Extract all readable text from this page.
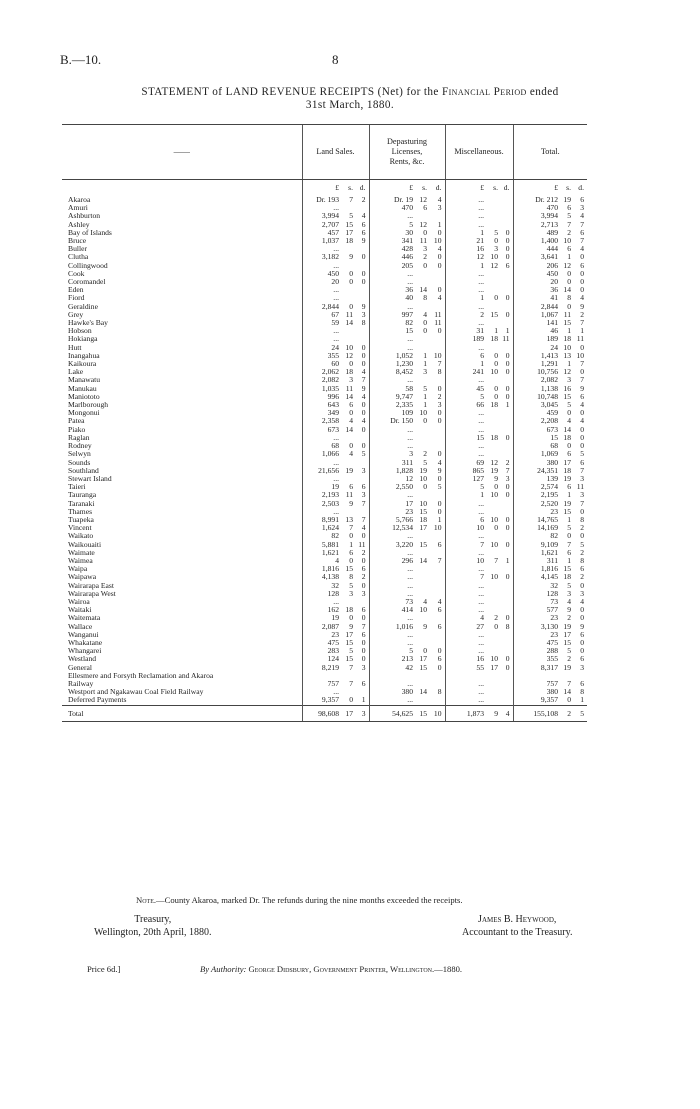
B.—10.	8
STATEMENT of LAND REVENUE RECEIPTS (Net) for the Financial Period ended
31st March, 1880.
——	Land Sales.			Depasturing
Licenses,
Rents, &c.			Miscellaneous.			Total.		
	£	s.	d.	£	s.	d.	£	s.	d.	£	s.	d.
Akaroa	Dr. 193	7	2	Dr. 19	12	4	...			Dr. 212	19	6
Amuri	...			470	6	3	...			470	6	3
Ashburton	3,994	5	4	...			...			3,994	5	4
Ashley	2,707	15	6	5	12	1	...			2,713	7	7
Bay of Islands	457	17	6	30	0	0	1	5	0	489	2	6
Bruce	1,037	18	9	341	11	10	21	0	0	1,400	10	7
Buller	...			428	3	4	16	3	0	444	6	4
Clutha	3,182	9	0	446	2	0	12	10	0	3,641	1	0
Collingwood	...			205	0	0	1	12	6	206	12	6
Cook	450	0	0	...			...			450	0	0
Coromandel	20	0	0	...			...			20	0	0
Eden	...			36	14	0	...			36	14	0
Fiord	...			40	8	4	1	0	0	41	8	4
Geraldine	2,844	0	9	...			...			2,844	0	9
Grey	67	11	3	997	4	11	2	15	0	1,067	11	2
Hawke's Bay	59	14	8	82	0	11	...			141	15	7
Hobson	...			15	0	0	31	1	1	46	1	1
Hokianga	...			...			189	18	11	189	18	11
Hutt	24	10	0	...			...			24	10	0
Inangahua	355	12	0	1,052	1	10	6	0	0	1,413	13	10
Kaikoura	60	0	0	1,230	1	7	1	0	0	1,291	1	7
Lake	2,062	18	4	8,452	3	8	241	10	0	10,756	12	0
Manawatu	2,082	3	7	...			...			2,082	3	7
Manukau	1,035	11	9	58	5	0	45	0	0	1,138	16	9
Maniototo	996	14	4	9,747	1	2	5	0	0	10,748	15	6
Marlborough	643	6	0	2,335	1	3	66	18	1	3,045	5	4
Mongonui	349	0	0	109	10	0	...			459	0	0
Patea	2,358	4	4	Dr. 150	0	0	...			2,208	4	4
Piako	673	14	0	...			...			673	14	0
Raglan	...			...			15	18	0	15	18	0
Rodney	68	0	0	...			...			68	0	0
Selwyn	1,066	4	5	3	2	0	...			1,069	6	5
Sounds	...			311	5	4	69	12	2	380	17	6
Southland	21,656	19	3	1,828	19	9	865	19	7	24,351	18	7
Stewart Island	...			12	10	0	127	9	3	139	19	3
Taieri	19	6	6	2,550	0	5	5	0	0	2,574	6	11
Tauranga	2,193	11	3	...			1	10	0	2,195	1	3
Taranaki	2,503	9	7	17	10	0	...			2,520	19	7
Thames	...			23	15	0	...			23	15	0
Tuapeka	8,991	13	7	5,766	18	1	6	10	0	14,765	1	8
Vincent	1,624	7	4	12,534	17	10	10	0	0	14,169	5	2
Waikato	82	0	0	...			...			82	0	0
Waikouaiti	5,881	1	11	3,220	15	6	7	10	0	9,109	7	5
Waimate	1,621	6	2	...			...			1,621	6	2
Waimea	4	0	0	296	14	7	10	7	1	311	1	8
Waipa	1,816	15	6	...			...			1,816	15	6
Waipawa	4,138	8	2	...			7	10	0	4,145	18	2
Wairarapa East	32	5	0	...			...			32	5	0
Wairarapa West	128	3	3	...			...			128	3	3
Wairoa	...			73	4	4	...			73	4	4
Waitaki	162	18	6	414	10	6	...			577	9	0
Waitemata	19	0	0	...			4	2	0	23	2	0
Wallace	2,087	9	7	1,016	9	6	27	0	8	3,130	19	9
Wanganui	23	17	6	...			...			23	17	6
Whakatane	475	15	0	...			...			475	15	0
Whangarei	283	5	0	5	0	0	...			288	5	0
Westland	124	15	0	213	17	6	16	10	0	355	2	6
General	8,219	7	3	42	15	0	55	17	0	8,317	19	3
Ellesmere and Forsyth Reclamation and Akaroa												
Railway	757	7	6	...			...			757	7	6
Westport and Ngakawau Coal Field Railway	...			380	14	8	...			380	14	8
Deferred Payments	9,357	0	1	...			...			9,357	0	1
Total	98,608	17	3	54,625	15	10	1,873	9	4	155,108	2	5
Note.—County Akaroa, marked Dr. The refunds during the nine months exceeded the receipts.
Treasury,
Wellington, 20th April, 1880.
James B. Heywood,
Accountant to the Treasury.
Price 6d.]	By Authority: George Didsbury, Government Printer, Wellington.—1880.
